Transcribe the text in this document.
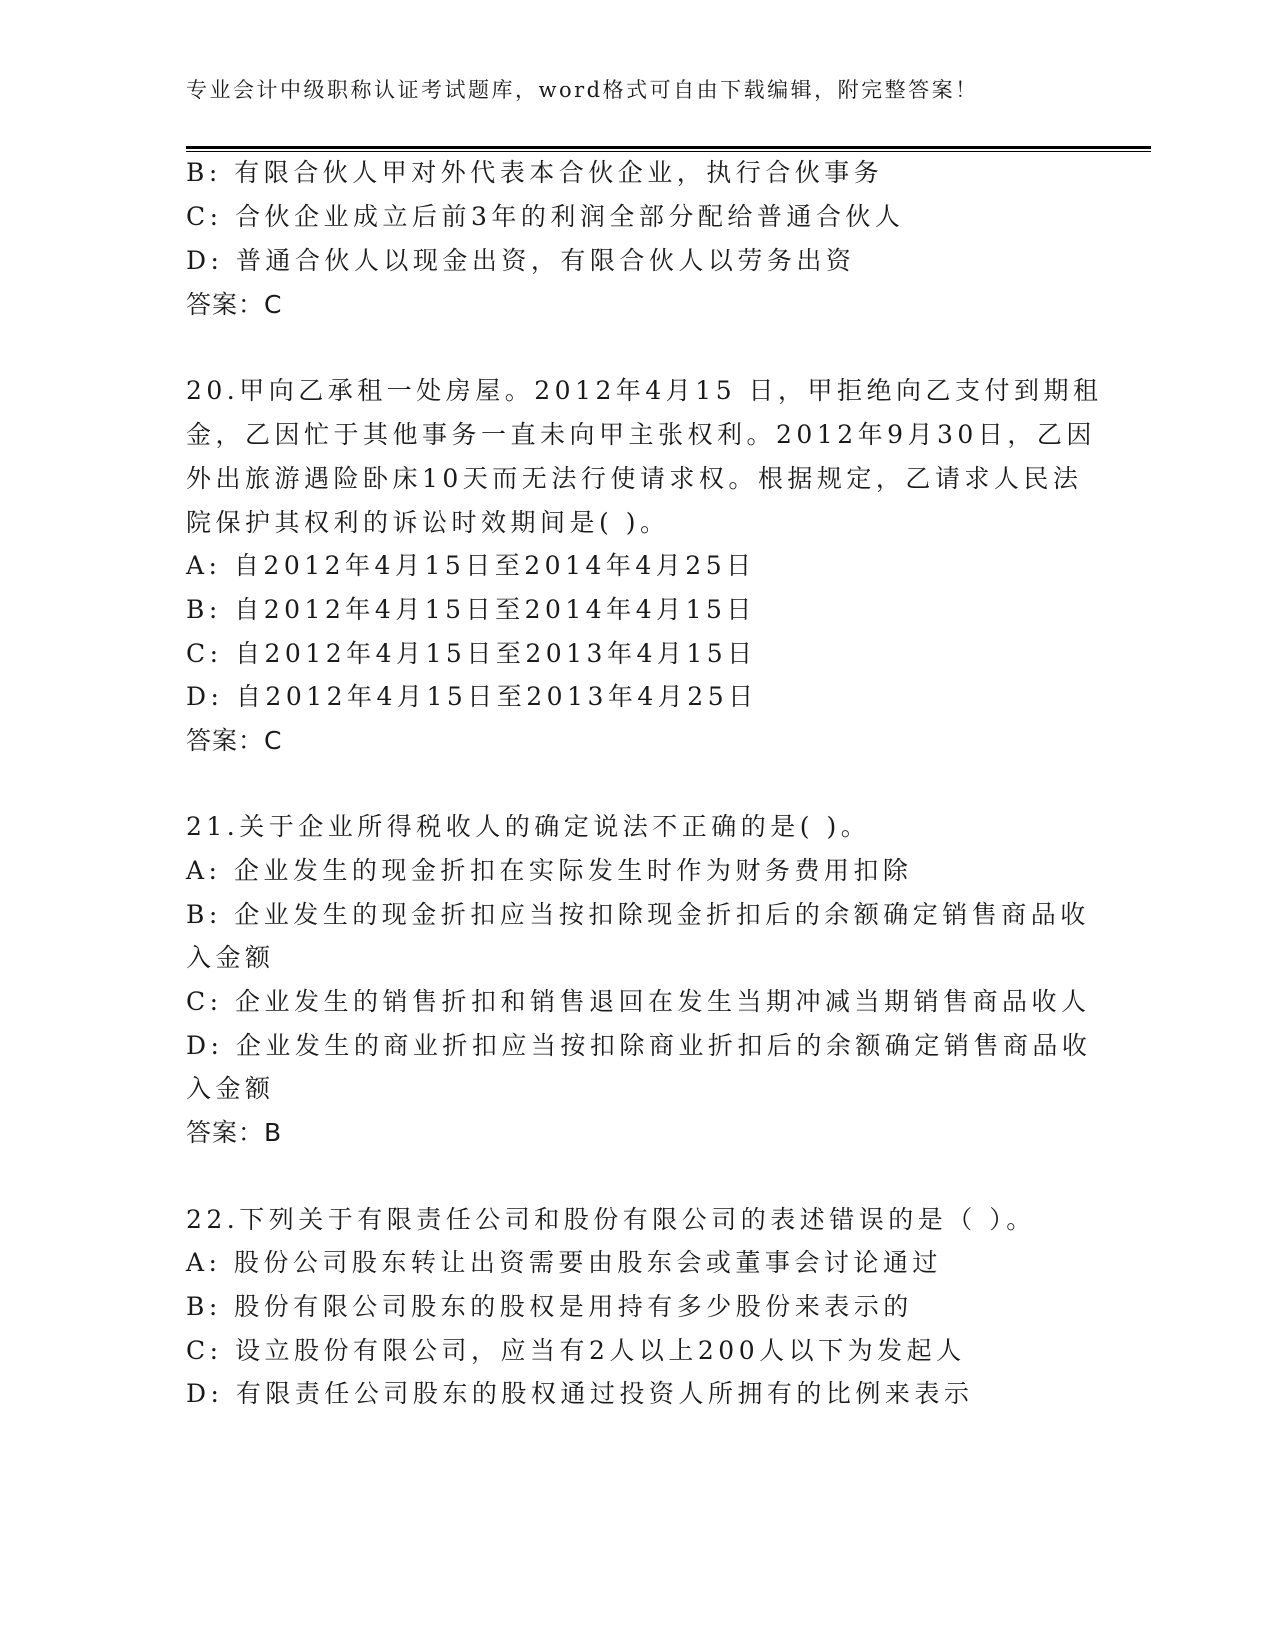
专业会计中级职称认证考试题库，word格式可自由下载编辑，附完整答案！
B: 有限合伙人甲对外代表本合伙企业，执行合伙事务
C: 合伙企业成立后前3年的利润全部分配给普通合伙人
D: 普通合伙人以现金出资，有限合伙人以劳务出资
答案：C
20.甲向乙承租一处房屋。2012年4月15 日，甲拒绝向乙支付到期租
金，乙因忙于其他事务一直未向甲主张权利。2012年9月30日，乙因
外出旅游遇险卧床10天而无法行使请求权。根据规定，乙请求人民法
院保护其权利的诉讼时效期间是( )。
A: 自2012年4月15日至2014年4月25日
B: 自2012年4月15日至2014年4月15日
C: 自2012年4月15日至2013年4月15日
D: 自2012年4月15日至2013年4月25日
答案：C
21.关于企业所得税收人的确定说法不正确的是( )。
A: 企业发生的现金折扣在实际发生时作为财务费用扣除
B: 企业发生的现金折扣应当按扣除现金折扣后的余额确定销售商品收
入金额
C: 企业发生的销售折扣和销售退回在发生当期冲减当期销售商品收人
D: 企业发生的商业折扣应当按扣除商业折扣后的余额确定销售商品收
入金额
答案：B
22.下列关于有限责任公司和股份有限公司的表述错误的是（ ）。
A: 股份公司股东转让出资需要由股东会或董事会讨论通过
B: 股份有限公司股东的股权是用持有多少股份来表示的
C: 设立股份有限公司，应当有2人以上200人以下为发起人
D: 有限责任公司股东的股权通过投资人所拥有的比例来表示
